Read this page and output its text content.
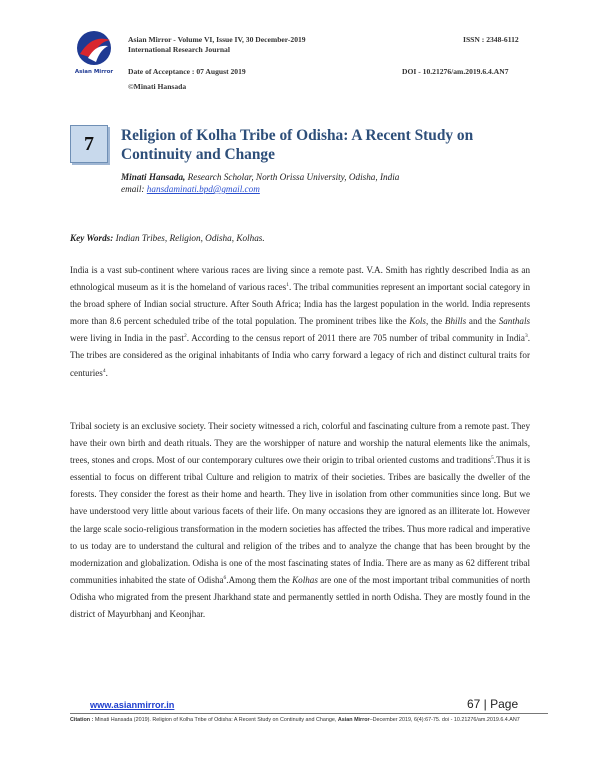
Asian Mirror
Asian Mirror - Volume VI, Issue IV, 30 December-2019
International Research Journal
ISSN : 2348-6112
Date of Acceptance : 07 August 2019	DOI - 10.21276/am.2019.6.4.AN7
©Minati Hansada
7	Religion of Kolha Tribe of Odisha: A Recent Study on
Continuity and Change
Minati Hansada, Research Scholar, North Orissa University, Odisha, India
email: hansdaminati.bpd@gmail.com
Key Words: Indian Tribes, Religion, Odisha, Kolhas.
India is a vast sub-continent where various races are living since a remote past. V.A. Smith has rightly described India as an ethnological museum as it is the homeland of various races$^1$. The tribal communities represent an important social category in the broad sphere of Indian social structure. After South Africa; India has the largest population in the world. India represents more than 8.6 percent scheduled tribe of the total population. The prominent tribes like the Kols, the Bhills and the Santhals were living in India in the past$^2$. According to the census report of 2011 there are 705 number of tribal community in India$^3$. The tribes are considered as the original inhabitants of India who carry forward a legacy of rich and distinct cultural traits for centuries$^4$.
Tribal society is an exclusive society. Their society witnessed a rich, colorful and fascinating culture from a remote past. They have their own birth and death rituals. They are the worshipper of nature and worship the natural elements like the animals, trees, stones and crops. Most of our contemporary cultures owe their origin to tribal oriented customs and traditions$^5$.Thus it is essential to focus on different tribal Culture and religion to matrix of their societies. Tribes are basically the dweller of the forests. They consider the forest as their home and hearth. They live in isolation from other communities since long. But we have understood very little about various facets of their life. On many occasions they are ignored as an illiterate lot. However the large scale socio-religious transformation in the modern societies has affected the tribes. Thus more radical and imperative to us today are to understand the cultural and religion of the tribes and to analyze the change that has been brought by the modernization and globalization. Odisha is one of the most fascinating states of India. There are as many as 62 different tribal communities inhabited the state of Odisha$^6$.Among them the Kolhas are one of the most important tribal communities of north Odisha who migrated from the present Jharkhand state and permanently settled in north Odisha. They are mostly found in the district of Mayurbhanj and Keonjhar.
www.asianmirror.in	67 | Page
Citation : Minati Hansada (2019). Religion of Kolha Tribe of Odisha: A Recent Study on Continuity and Change, Asian Mirror–December 2019, 6(4):67-75. doi - 10.21276/am.2019.6.4.AN7
